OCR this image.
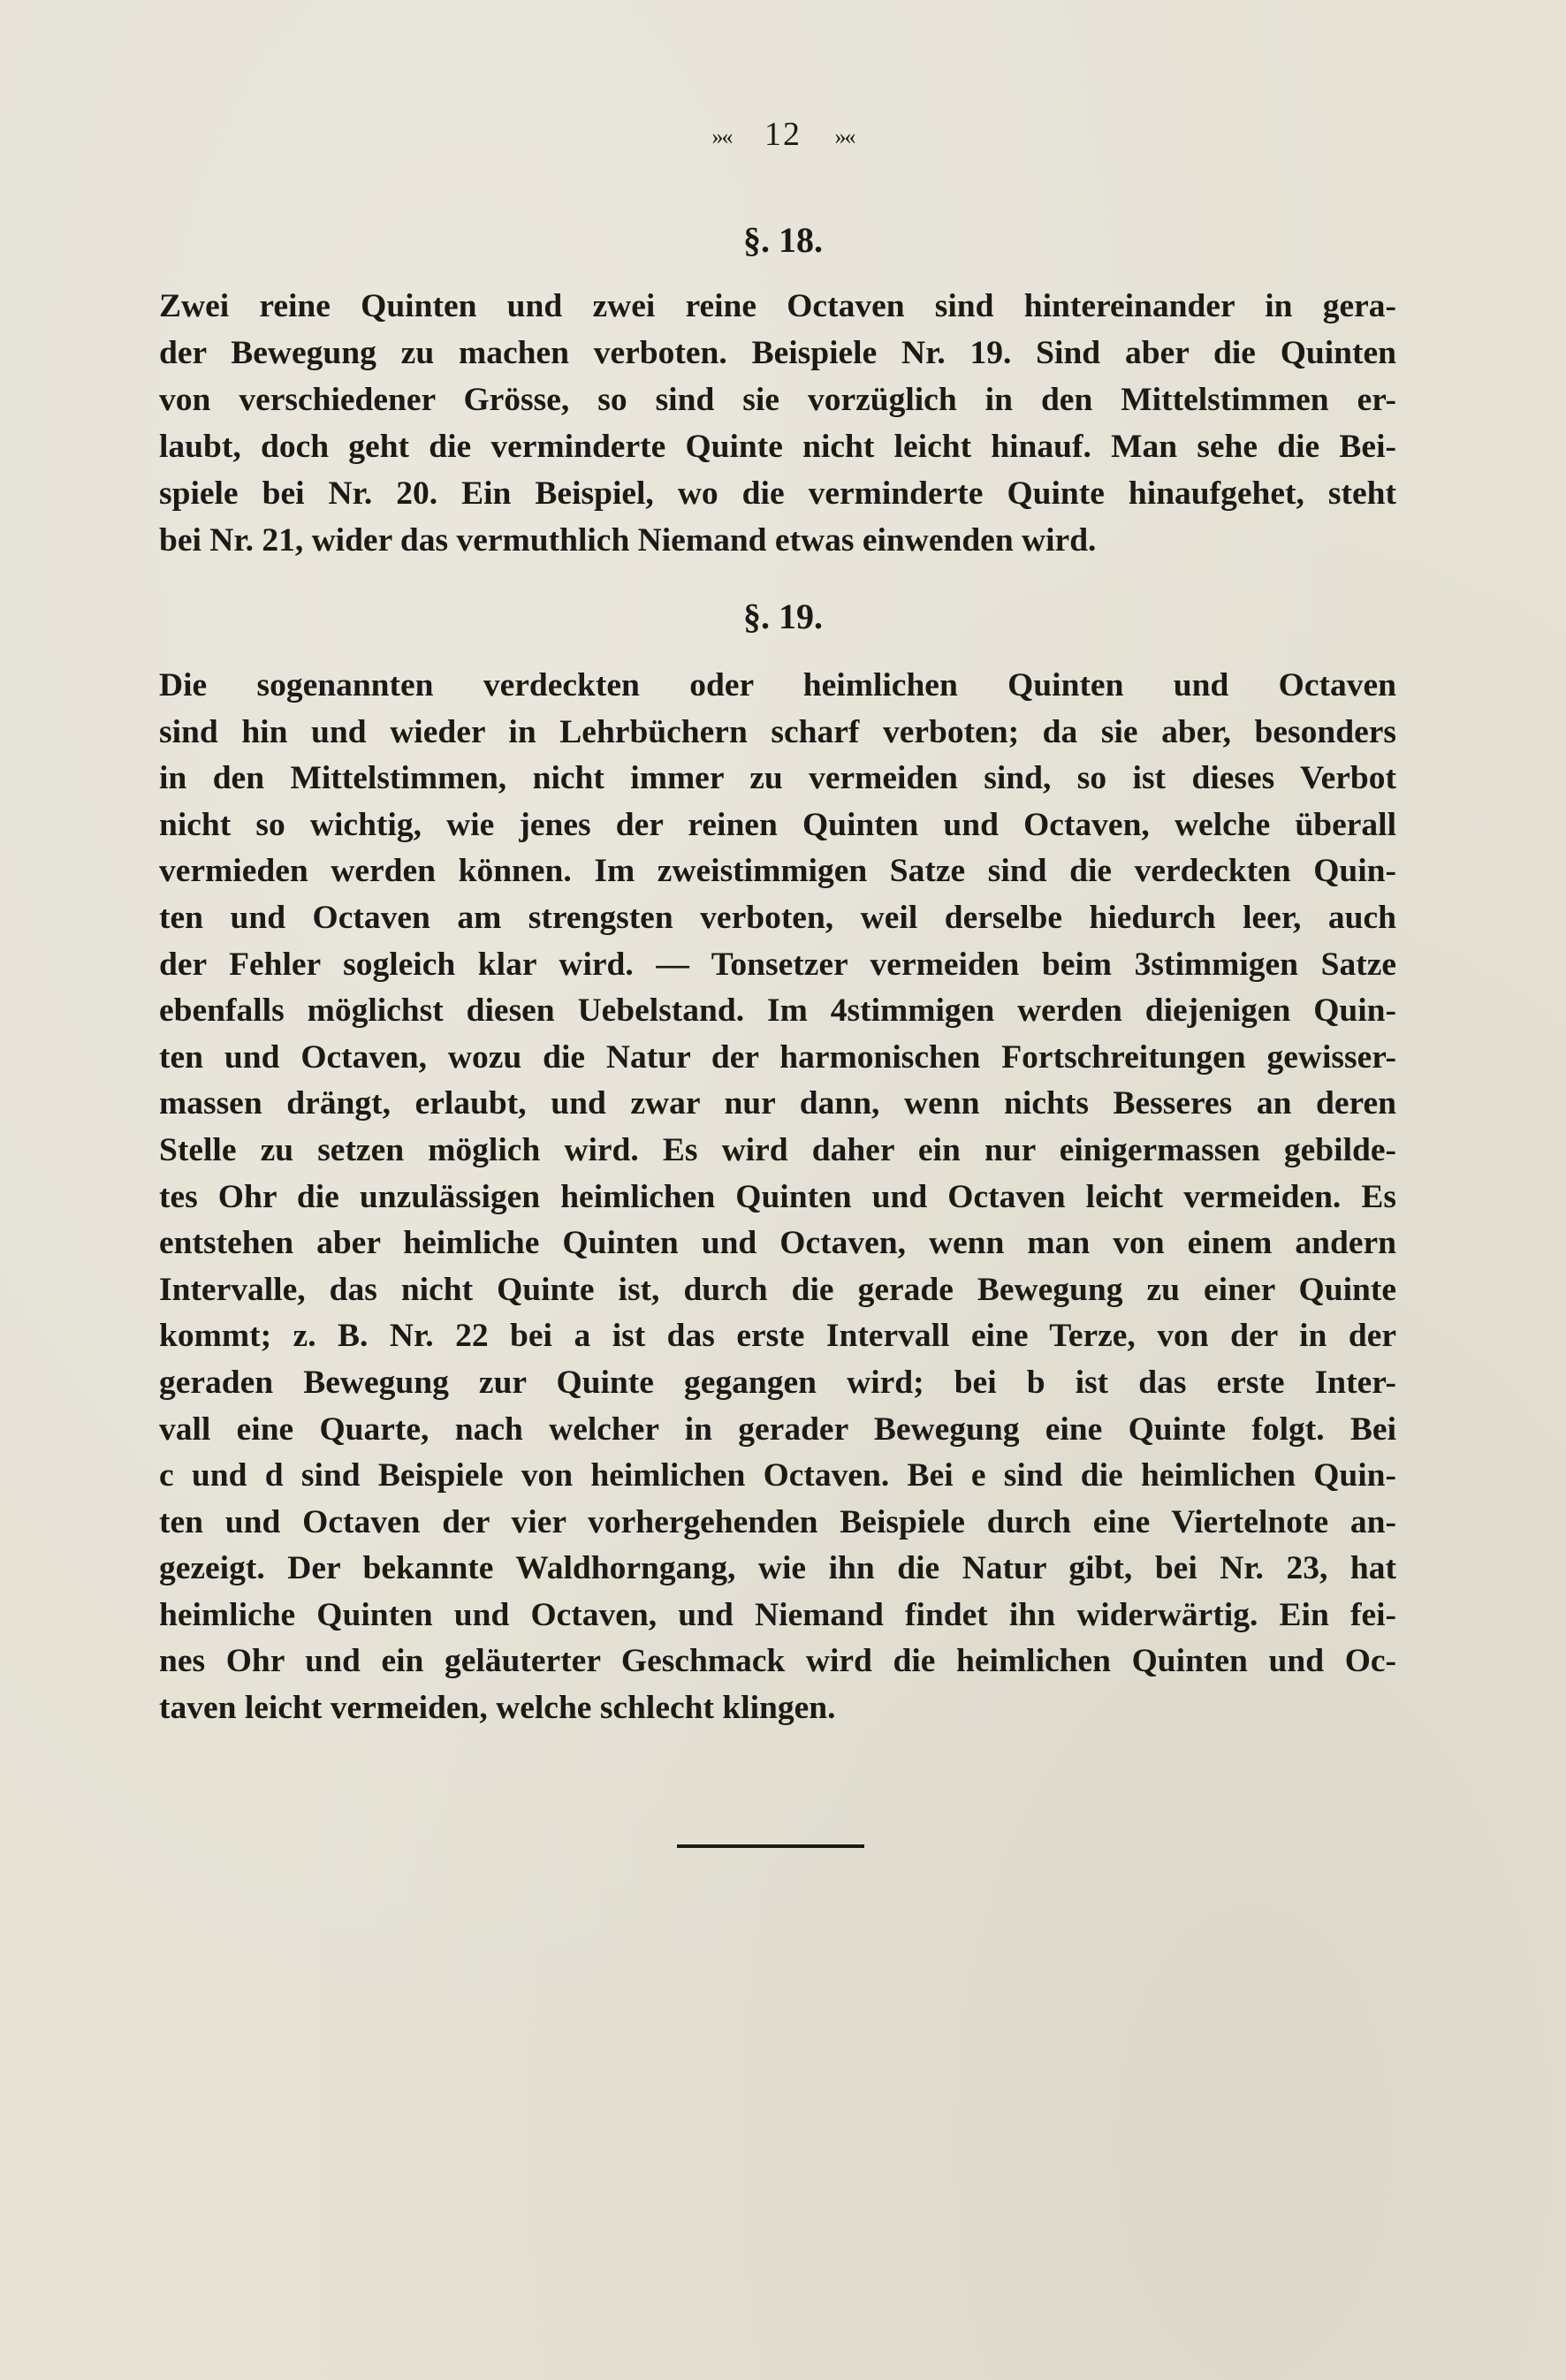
»« 12 »«
§. 18.
Zwei reine Quinten und zwei reine Octaven sind hintereinander in gera-
der Bewegung zu machen verboten. Beispiele Nr. 19. Sind aber die Quinten
von verschiedener Grösse, so sind sie vorzüglich in den Mittelstimmen er-
laubt, doch geht die verminderte Quinte nicht leicht hinauf. Man sehe die Bei-
spiele bei Nr. 20. Ein Beispiel, wo die verminderte Quinte hinaufgehet, steht
bei Nr. 21, wider das vermuthlich Niemand etwas einwenden wird.
§. 19.
Die sogenannten verdeckten oder heimlichen Quinten und Octaven
sind hin und wieder in Lehrbüchern scharf verboten; da sie aber, besonders
in den Mittelstimmen, nicht immer zu vermeiden sind, so ist dieses Verbot
nicht so wichtig, wie jenes der reinen Quinten und Octaven, welche überall
vermieden werden können. Im zweistimmigen Satze sind die verdeckten Quin-
ten und Octaven am strengsten verboten, weil derselbe hiedurch leer, auch
der Fehler sogleich klar wird. — Tonsetzer vermeiden beim 3stimmigen Satze
ebenfalls möglichst diesen Uebelstand. Im 4stimmigen werden diejenigen Quin-
ten und Octaven, wozu die Natur der harmonischen Fortschreitungen gewisser-
massen drängt, erlaubt, und zwar nur dann, wenn nichts Besseres an deren
Stelle zu setzen möglich wird. Es wird daher ein nur einigermassen gebilde-
tes Ohr die unzulässigen heimlichen Quinten und Octaven leicht vermeiden. Es
entstehen aber heimliche Quinten und Octaven, wenn man von einem andern
Intervalle, das nicht Quinte ist, durch die gerade Bewegung zu einer Quinte
kommt; z. B. Nr. 22 bei a ist das erste Intervall eine Terze, von der in der
geraden Bewegung zur Quinte gegangen wird; bei b ist das erste Inter-
vall eine Quarte, nach welcher in gerader Bewegung eine Quinte folgt. Bei
c und d sind Beispiele von heimlichen Octaven. Bei e sind die heimlichen Quin-
ten und Octaven der vier vorhergehenden Beispiele durch eine Viertelnote an-
gezeigt. Der bekannte Waldhorngang, wie ihn die Natur gibt, bei Nr. 23, hat
heimliche Quinten und Octaven, und Niemand findet ihn widerwärtig. Ein fei-
nes Ohr und ein geläuterter Geschmack wird die heimlichen Quinten und Oc-
taven leicht vermeiden, welche schlecht klingen.
